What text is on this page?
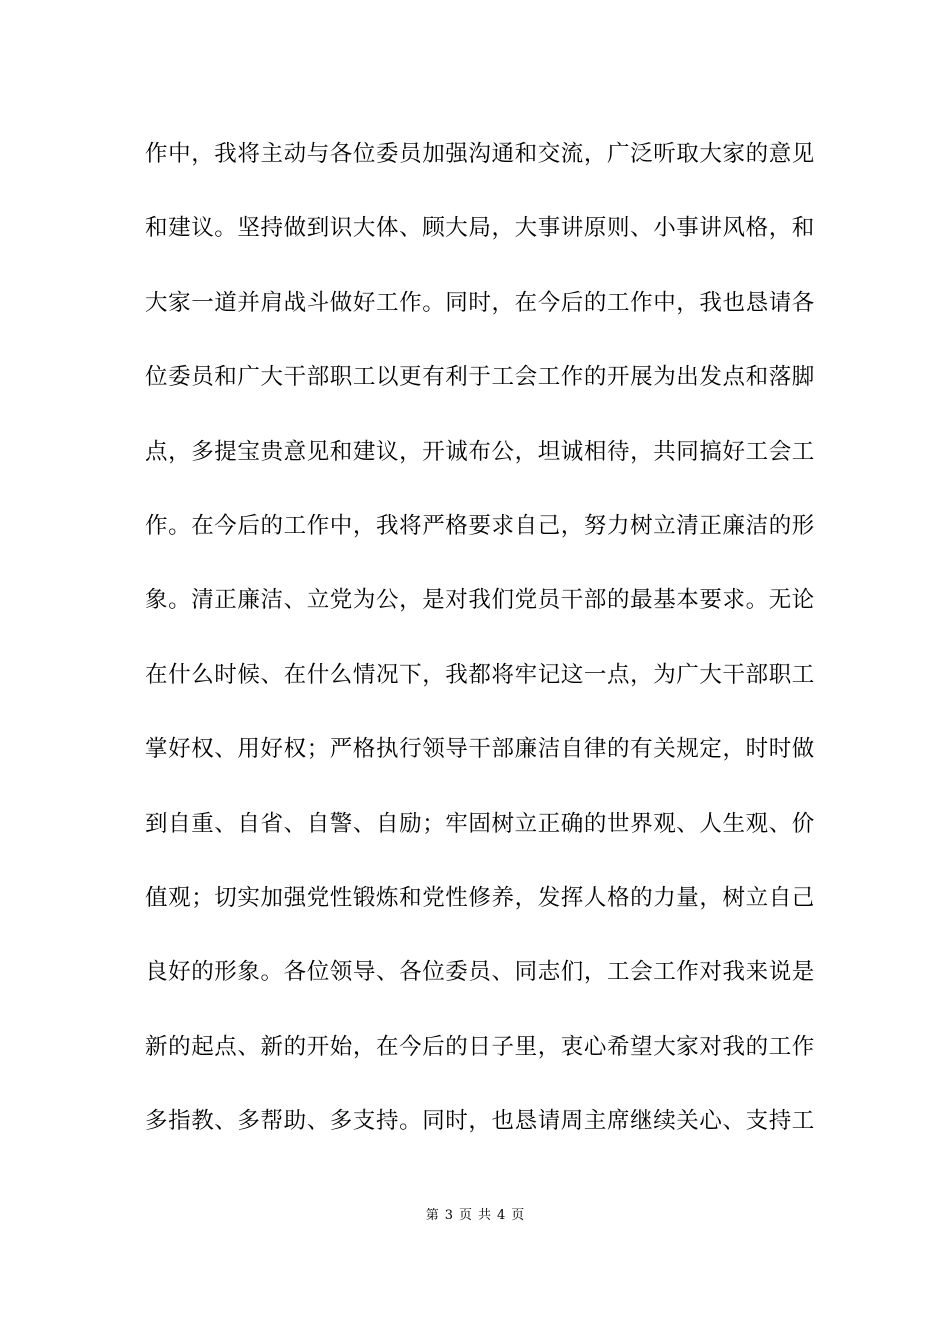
作中，我将主动与各位委员加强沟通和交流，广泛听取大家的意见
和建议。坚持做到识大体、顾大局，大事讲原则、小事讲风格，和
大家一道并肩战斗做好工作。同时，在今后的工作中，我也恳请各
位委员和广大干部职工以更有利于工会工作的开展为出发点和落脚
点，多提宝贵意见和建议，开诚布公，坦诚相待，共同搞好工会工
作。在今后的工作中，我将严格要求自己，努力树立清正廉洁的形
象。清正廉洁、立党为公，是对我们党员干部的最基本要求。无论
在什么时候、在什么情况下，我都将牢记这一点，为广大干部职工
掌好权、用好权；严格执行领导干部廉洁自律的有关规定，时时做
到自重、自省、自警、自励；牢固树立正确的世界观、人生观、价
值观；切实加强党性锻炼和党性修养，发挥人格的力量，树立自己
良好的形象。各位领导、各位委员、同志们，工会工作对我来说是
新的起点、新的开始，在今后的日子里，衷心希望大家对我的工作
多指教、多帮助、多支持。同时，也恳请周主席继续关心、支持工
第 3 页 共 4 页
